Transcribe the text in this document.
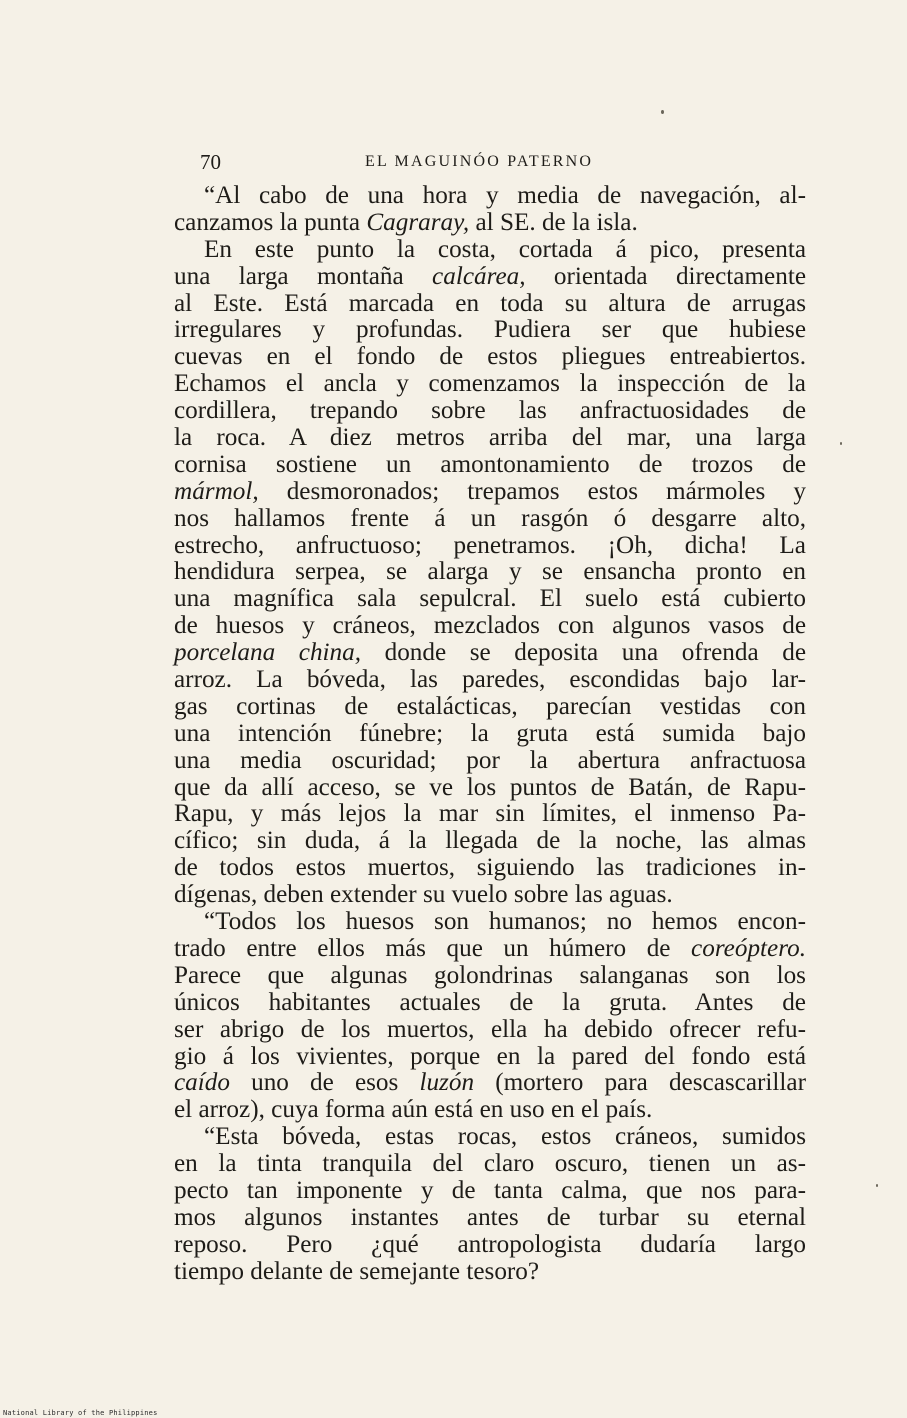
70	EL MAGUINÓO PATERNO
“Al cabo de una hora y media de navegación, al-
canzamos la punta Cagraray, al SE. de la isla.
En este punto la costa, cortada á pico, presenta
una larga montaña calcárea, orientada directamente
al Este. Está marcada en toda su altura de arrugas
irregulares y profundas. Pudiera ser que hubiese
cuevas en el fondo de estos pliegues entreabiertos.
Echamos el ancla y comenzamos la inspección de la
cordillera, trepando sobre las anfractuosidades de
la roca. A diez metros arriba del mar, una larga
cornisa sostiene un amontonamiento de trozos de
mármol, desmoronados; trepamos estos mármoles y
nos hallamos frente á un rasgón ó desgarre alto,
estrecho, anfructuoso; penetramos. ¡Oh, dicha! La
hendidura serpea, se alarga y se ensancha pronto en
una magnífica sala sepulcral. El suelo está cubierto
de huesos y cráneos, mezclados con algunos vasos de
porcelana china, donde se deposita una ofrenda de
arroz. La bóveda, las paredes, escondidas bajo lar-
gas cortinas de estalácticas, parecían vestidas con
una intención fúnebre; la gruta está sumida bajo
una media oscuridad; por la abertura anfractuosa
que da allí acceso, se ve los puntos de Batán, de Rapu-
Rapu, y más lejos la mar sin límites, el inmenso Pa-
cífico; sin duda, á la llegada de la noche, las almas
de todos estos muertos, siguiendo las tradiciones in-
dígenas, deben extender su vuelo sobre las aguas.
“Todos los huesos son humanos; no hemos encon-
trado entre ellos más que un húmero de coreóptero.
Parece que algunas golondrinas salanganas son los
únicos habitantes actuales de la gruta. Antes de
ser abrigo de los muertos, ella ha debido ofrecer refu-
gio á los vivientes, porque en la pared del fondo está
caído uno de esos luzón (mortero para descascarillar
el arroz), cuya forma aún está en uso en el país.
“Esta bóveda, estas rocas, estos cráneos, sumidos
en la tinta tranquila del claro oscuro, tienen un as-
pecto tan imponente y de tanta calma, que nos para-
mos algunos instantes antes de turbar su eternal
reposo. Pero ¿qué antropologista dudaría largo
tiempo delante de semejante tesoro?
National Library of the Philippines
